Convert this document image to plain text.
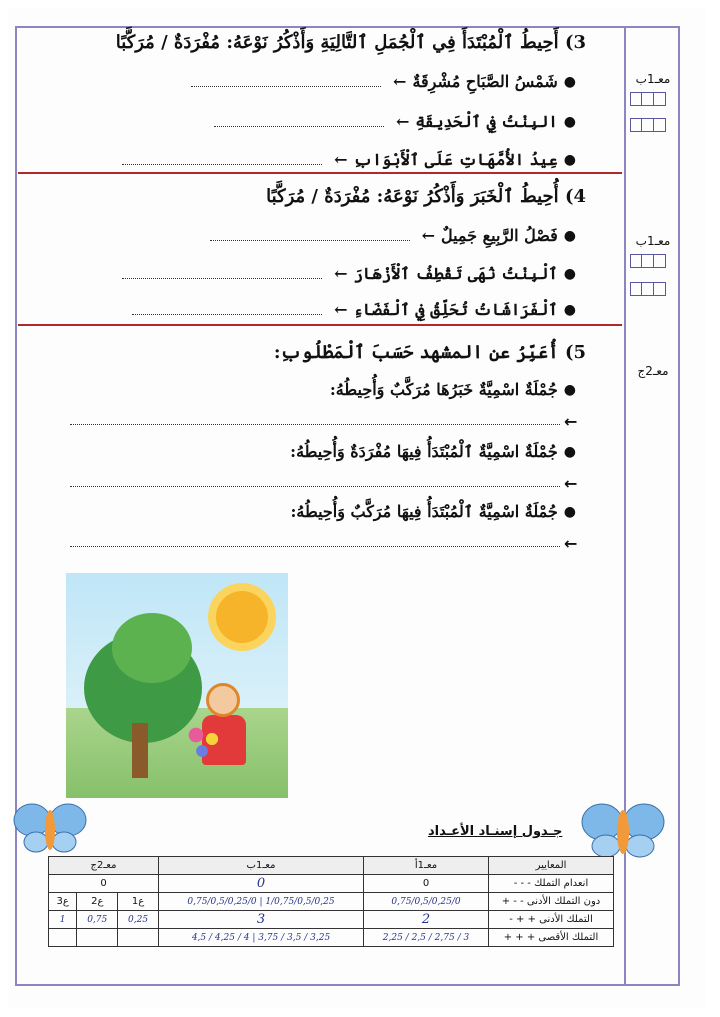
معـ1ب
معـ1ب
معـ2ج
3) أَحِيطُ ٱلْمُبْتَدَأَ فِي ٱلْجُمَلِ ٱلتَّالِيَةِ وَأَذْكُرُ نَوْعَهُ: مُفْرَدَةٌ / مُرَكَّبًا
●
شَمْسُ الصَّبَاحِ مُشْرِقَةٌ
←
●
البِنْتُ فِي ٱلْحَدِيقَةِ
←
●
عِيدُ الأُمَّهَاتِ عَلَى ٱلْأَبْوَابِ
←
4) أُحِيطُ ٱلْخَبَرَ وَأَذْكُرُ نَوْعَهُ: مُفْرَدَةٌ / مُرَكَّبًا
●
فَصْلُ الرَّبِيعِ جَمِيلٌ
←
●
ٱلْبِنْتُ نُهَى تَقْطِفُ ٱلْأَزْهَارَ
←
●
ٱلْفَرَاشَاتُ تُحَلِّقُ فِي ٱلْفَضَاءِ
←
5) أُعَبِّرُ عن المشهد حَسَبَ ٱلْمَطْلُوبِ:
●
جُمْلَةٌ اسْمِيَّةٌ خَبَرُهَا مُرَكَّبٌ وَأُحِيطُهُ:
←
●
جُمْلَةٌ اسْمِيَّةٌ ٱلْمُبْتَدَأُ فِيهَا مُفْرَدَةٌ وَأُحِيطُهُ:
←
●
جُمْلَةٌ اسْمِيَّةٌ ٱلْمُبْتَدَأُ فِيهَا مُرَكَّبٌ وَأُحِيطُهُ:
←
جـدول إسنـاد الأعـداد
المعايير	معـ1أ	معـ1ب	معـ2ج		
انعدام التملك - - -	0	0	0		
دون التملك الأدنى - - +	0,75/0,5/0,25/0	1/0,75/0,5/0,25 | 0,75/0,5/0,25/0	ع1	ع2	ع3
التملك الأدنى + + -	2	3	0,25	0,75	1
التملك الأقصى + + +	3 / 2,75 / 2,5 / 2,25	3,25 / 3,5 / 3,75 | 4 / 4,25 / 4,5			
